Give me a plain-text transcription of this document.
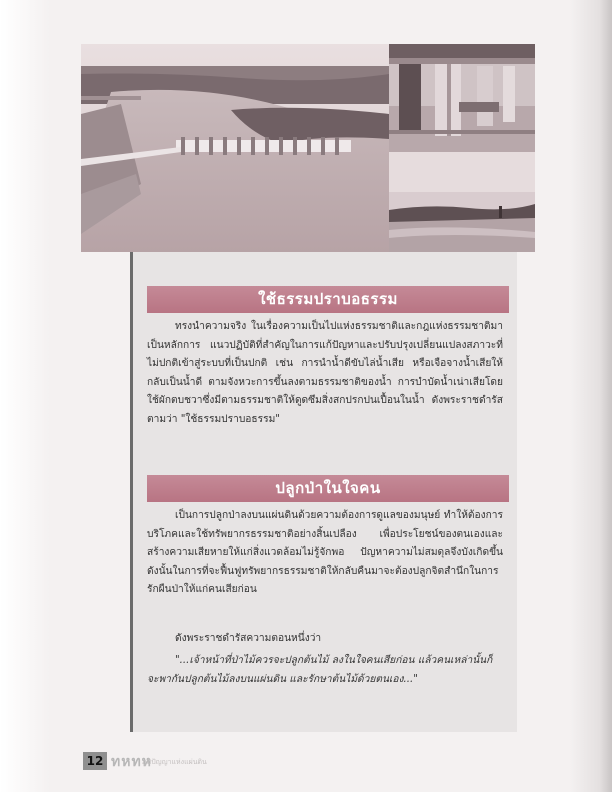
ใช้ธรรมปราบอธรรม

ทรงนำความจริง ในเรื่องความเป็นไปแห่งธรรมชาติและกฎแห่งธรรมชาติมาเป็นหลักการ แนวปฏิบัติที่สำคัญในการแก้ปัญหาและปรับปรุงเปลี่ยนแปลงสภาวะที่ไม่ปกติเข้าสู่ระบบที่เป็นปกติ เช่น การนำน้ำดีขับไล่น้ำเสีย หรือเจือจางน้ำเสียให้กลับเป็นน้ำดี ตามจังหวะการขึ้นลงตามธรรมชาติของน้ำ การบำบัดน้ำเน่าเสียโดยใช้ผักตบชวาซึ่งมีตามธรรมชาติให้ดูดซึมสิ่งสกปรกปนเปื้อนในน้ำ ดังพระราชดำรัสตามว่า "ใช้ธรรมปราบอธรรม"

ปลูกป่าในใจคน

เป็นการปลูกป่าลงบนแผ่นดินด้วยความต้องการดูแลของมนุษย์ ทำให้ต้องการบริโภคและใช้ทรัพยากรธรรมชาติอย่างสิ้นเปลือง เพื่อประโยชน์ของตนเองและสร้างความเสียหายให้แก่สิ่งแวดล้อมไม่รู้จักพอ ปัญหาความไม่สมดุลจึงบังเกิดขึ้น ดังนั้นในการที่จะฟื้นฟูทรัพยากรธรรมชาติให้กลับคืนมาจะต้องปลูกจิตสำนึกในการรักผืนป่าให้แก่คนเสียก่อน

ดังพระราชดำรัสความตอนหนึ่งว่า

"...เจ้าหน้าที่ป่าไม้ควรจะปลูกต้นไม้ ลงในใจคนเสียก่อน แล้วคนเหล่านั้นก็จะพากันปลูกต้นไม้ลงบนแผ่นดิน และรักษาต้นไม้ด้วยตนเอง..."

12 ทหทห
ภูมิปัญญาแห่งแผ่นดิน
